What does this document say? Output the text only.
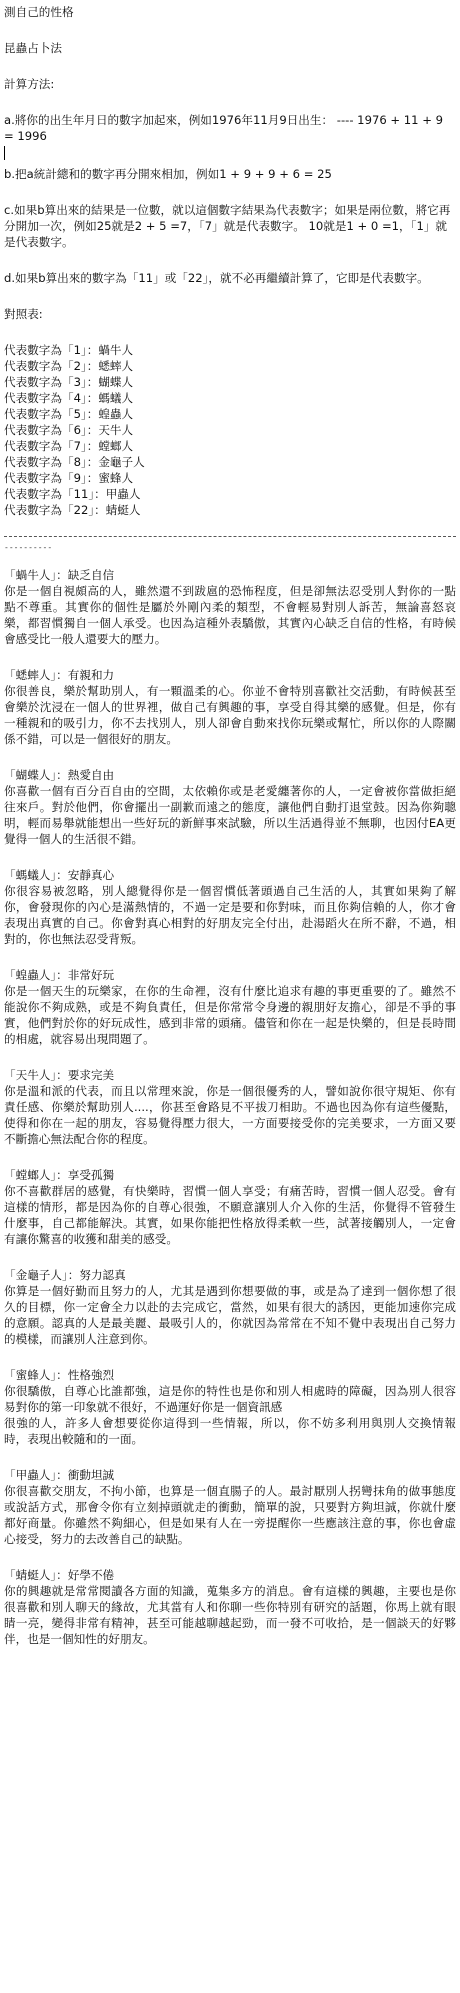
測自己的性格
昆蟲占卜法
計算方法:
a.將你的出生年月日的數字加起來，例如1976年11月9日出生： ---- 1976 + 11 + 9 = 1996
b.把a統計總和的數字再分開來相加，例如1 + 9 + 9 + 6 = 25
c.如果b算出來的結果是一位數，就以這個數字結果為代表數字；如果是兩位數，將它再分開加一次，例如25就是2 + 5 =7，「7」就是代表數字。 10就是1 + 0 =1，「1」就是代表數字。
d.如果b算出來的數字為「11」或「22」，就不必再繼續計算了，它即是代表數字。
對照表:
代表數字為「1」：蝸牛人
代表數字為「2」：蟋蟀人
代表數字為「3」：蝴蝶人
代表數字為「4」：螞蟻人
代表數字為「5」：蝗蟲人
代表數字為「6」：天牛人
代表數字為「7」：螳螂人
代表數字為「8」：金龜子人
代表數字為「9」：蜜蜂人
代表數字為「11」：甲蟲人
代表數字為「22」：蜻蜓人
----------
「蝸牛人」：缺乏自信
你是一個自視頗高的人，雖然還不到跋扈的恐怖程度，但是卻無法忍受別人對你的一點點不尊重。其實你的個性是屬於外剛內柔的類型，不會輕易對別人訴苦，無論喜怒哀樂，都習慣獨自一個人承受。也因為這種外表驕傲，其實內心缺乏自信的性格，有時候會感受比一般人還要大的壓力。
「蟋蟀人」：有親和力
你很善良，樂於幫助別人，有一顆溫柔的心。你並不會特別喜歡社交活動，有時候甚至會樂於沈浸在一個人的世界裡，做自己有興趣的事，享受自得其樂的感覺。但是，你有一種親和的吸引力，你不去找別人，別人卻會自動來找你玩樂或幫忙，所以你的人際關係不錯，可以是一個很好的朋友。
「蝴蝶人」：熱愛自由
你喜歡一個有百分百自由的空間，太依賴你或是老愛纏著你的人，一定會被你當做拒絕往來戶。對於他們，你會擺出一副歉而遠之的態度，讓他們自動打退堂鼓。因為你夠聰明，輕而易舉就能想出一些好玩的新鮮事來試驗，所以生活過得並不無聊，也因付EA更覺得一個人的生活很不錯。
「螞蟻人」：安靜真心
你很容易被忽略，別人總覺得你是一個習慣低著頭過自己生活的人，其實如果夠了解你，會發現你的內心是滿熱情的，不過一定是要和你對味，而且你夠信賴的人，你才會表現出真實的自己。你會對真心相對的好朋友完全付出，赴湯蹈火在所不辭，不過，相對的，你也無法忍受背叛。
「蝗蟲人」：非常好玩
你是一個天生的玩樂家，在你的生命裡，沒有什麼比追求有趣的事更重要的了。雖然不能說你不夠成熟，或是不夠負責任，但是你常常令身邊的親朋好友擔心，卻是不爭的事實，他們對於你的好玩成性，感到非常的頭痛。儘管和你在一起是快樂的，但是長時間的相處，就容易出現問題了。
「天牛人」：要求完美
你是溫和派的代表，而且以常理來說，你是一個很優秀的人，譬如說你很守規矩、你有責任感、你樂於幫助別人....，你甚至會路見不平拔刀相助。不過也因為你有這些優點，使得和你在一起的朋友，容易覺得壓力很大，一方面要接受你的完美要求，一方面又要不斷擔心無法配合你的程度。
「螳螂人」：享受孤獨
你不喜歡群居的感覺，有快樂時，習慣一個人享受；有痛苦時，習慣一個人忍受。會有這樣的情形，都是因為你的自尊心很強，不願意讓別人介入你的生活，你覺得不管發生什麼事，自己都能解決。其實，如果你能把性格放得柔軟一些，試著接觸別人，一定會有讓你驚喜的收獲和甜美的感受。
「金龜子人」：努力認真
你算是一個好勤而且努力的人，尤其是遇到你想要做的事，或是為了達到一個你想了很久的目標，你一定會全力以赴的去完成它，當然，如果有很大的誘因，更能加速你完成的意願。認真的人是最美麗、最吸引人的，你就因為常常在不知不覺中表現出自己努力的模樣，而讓別人注意到你。
「蜜蜂人」：性格強烈
你很驕傲，自尊心比誰都強，這是你的特性也是你和別人相處時的障礙，因為別人很容易對你的第一印象就不很好，不過運好你是一個資訊感
很強的人，許多人會想要從你這得到一些情報，所以，你不妨多利用與別人交換情報時，表現出較隨和的一面。
「甲蟲人」：衝動坦誠
你很喜歡交朋友，不拘小節，也算是一個直腸子的人。最討厭別人拐彎抹角的做事態度或說話方式，那會令你有立刻掉頭就走的衝動，簡單的說，只要對方夠坦誠，你就什麼都好商量。你雖然不夠細心，但是如果有人在一旁提醒你一些應該注意的事，你也會虛心接受，努力的去改善自己的缺點。
「蜻蜓人」：好學不倦
你的興趣就是常常閱讀各方面的知識，蒐集多方的消息。會有這樣的興趣，主要也是你很喜歡和別人聊天的緣故，尤其當有人和你聊一些你特別有研究的話題，你馬上就有眼睛一亮，變得非常有精神，甚至可能越聊越起勁，而一發不可收拾，是一個談天的好夥伴，也是一個知性的好朋友。
